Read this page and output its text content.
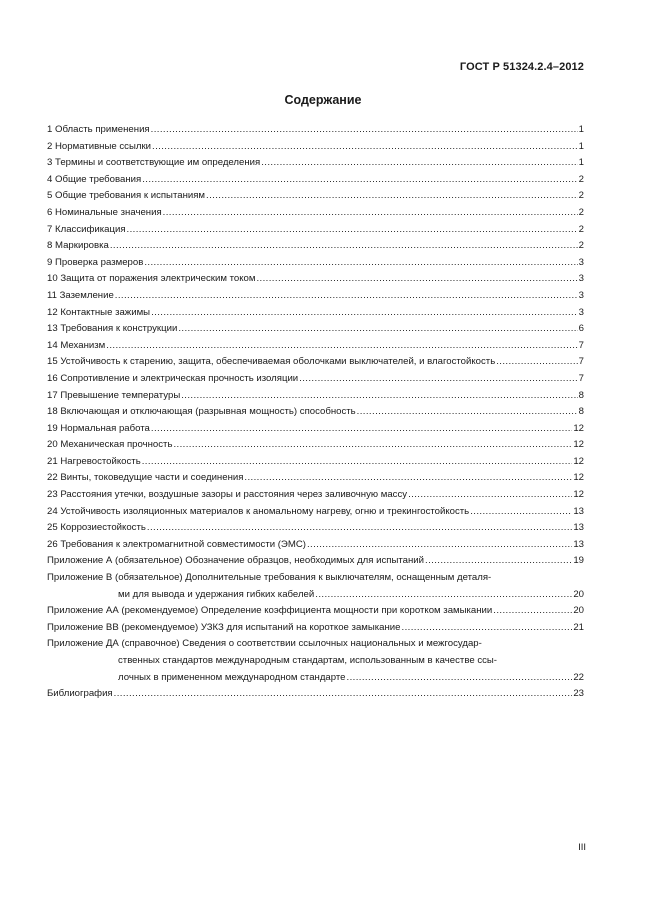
ГОСТ Р 51324.2.4–2012
Содержание
1 Область применения .....	1
2 Нормативные ссылки .....	1
3 Термины и соответствующие им определения .....	1
4 Общие требования .....	2
5 Общие требования к испытаниям .....	2
6 Номинальные значения .....	2
7 Классификация .....	2
8 Маркировка .....	2
9 Проверка размеров .....	3
10 Защита от поражения электрическим током .....	3
11 Заземление .....	3
12 Контактные зажимы .....	3
13 Требования к конструкции .....	6
14 Механизм .....	7
15 Устойчивость к старению, защита, обеспечиваемая оболочками выключателей, и влагостойкость .....	7
16 Сопротивление и электрическая прочность изоляции .....	7
17 Превышение температуры .....	8
18 Включающая и отключающая (разрывная мощность) способность .....	8
19 Нормальная работа .....	12
20 Механическая прочность .....	12
21 Нагревостойкость .....	12
22 Винты, токоведущие части и соединения .....	12
23 Расстояния утечки, воздушные зазоры и расстояния через заливочную массу .....	12
24 Устойчивость изоляционных материалов к аномальному нагреву, огню и трекингостойкость .....	13
25 Коррозиестойкость .....	13
26 Требования к электромагнитной совместимости (ЭМС) .....	13
Приложение А (обязательное) Обозначение образцов, необходимых для испытаний .....	19
Приложение В (обязательное) Дополнительные требования к выключателям, оснащенным деталя-
ми для вывода и удержания гибких кабелей .....	20
Приложение АА (рекомендуемое) Определение коэффициента мощности при коротком замыкании .....	20
Приложение ВВ (рекомендуемое) УЗКЗ для испытаний на короткое замыкание .....	21
Приложение ДА (справочное) Сведения о соответствии ссылочных национальных и межгосудар-
ственных стандартов международным стандартам, использованным в качестве ссы-
лочных в примененном международном стандарте .....	22
Библиография .....	23
III
